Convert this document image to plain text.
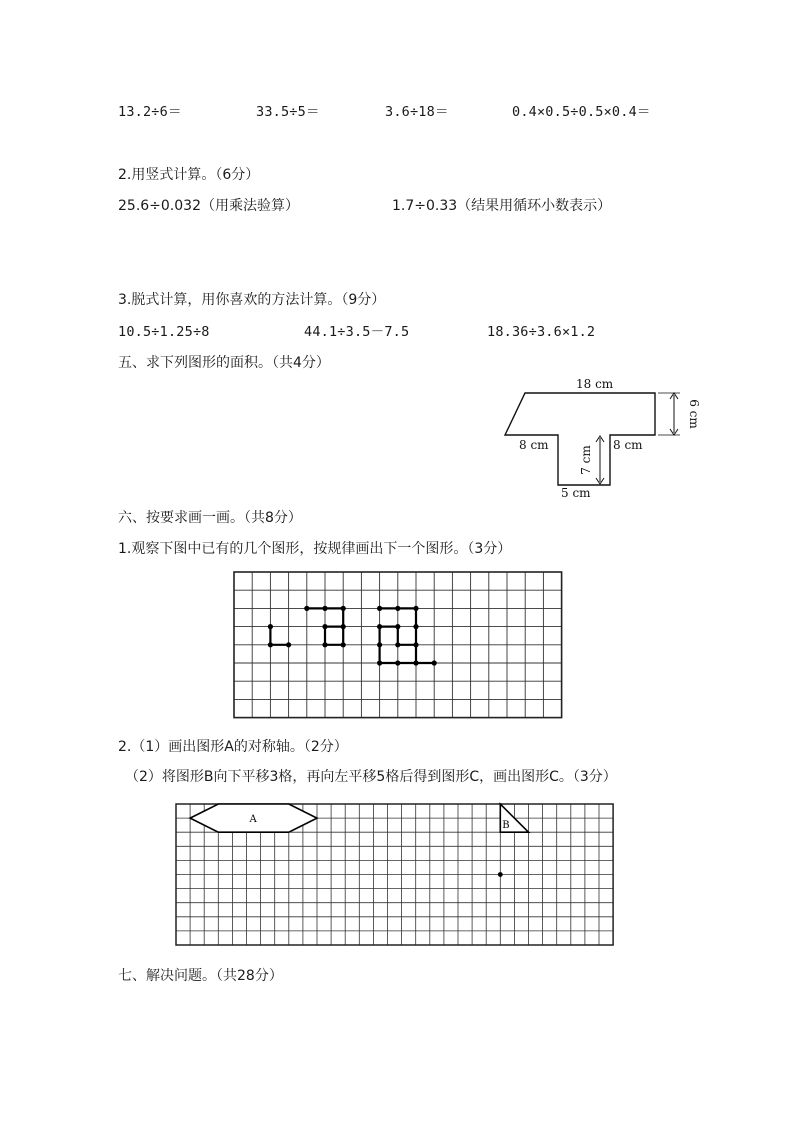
13.2÷6＝	33.5÷5＝	3.6÷18＝	0.4×0.5÷0.5×0.4＝
2.用竖式计算。（6分）
25.6÷0.032（用乘法验算）	1.7÷0.33（结果用循环小数表示）
3.脱式计算，用你喜欢的方法计算。（9分）
10.5÷1.25÷8	44.1÷3.5－7.5	18.36÷3.6×1.2
五、求下列图形的面积。（共4分）
18 cm
6 cm
8 cm	8 cm
7 cm
5 cm
六、按要求画一画。（共8分）
1.观察下图中已有的几个图形，按规律画出下一个图形。（3分）
2.（1）画出图形A的对称轴。（2分）
（2）将图形B向下平移3格，再向左平移5格后得到图形C，画出图形C。（3分）
A
B
七、解决问题。（共28分）
